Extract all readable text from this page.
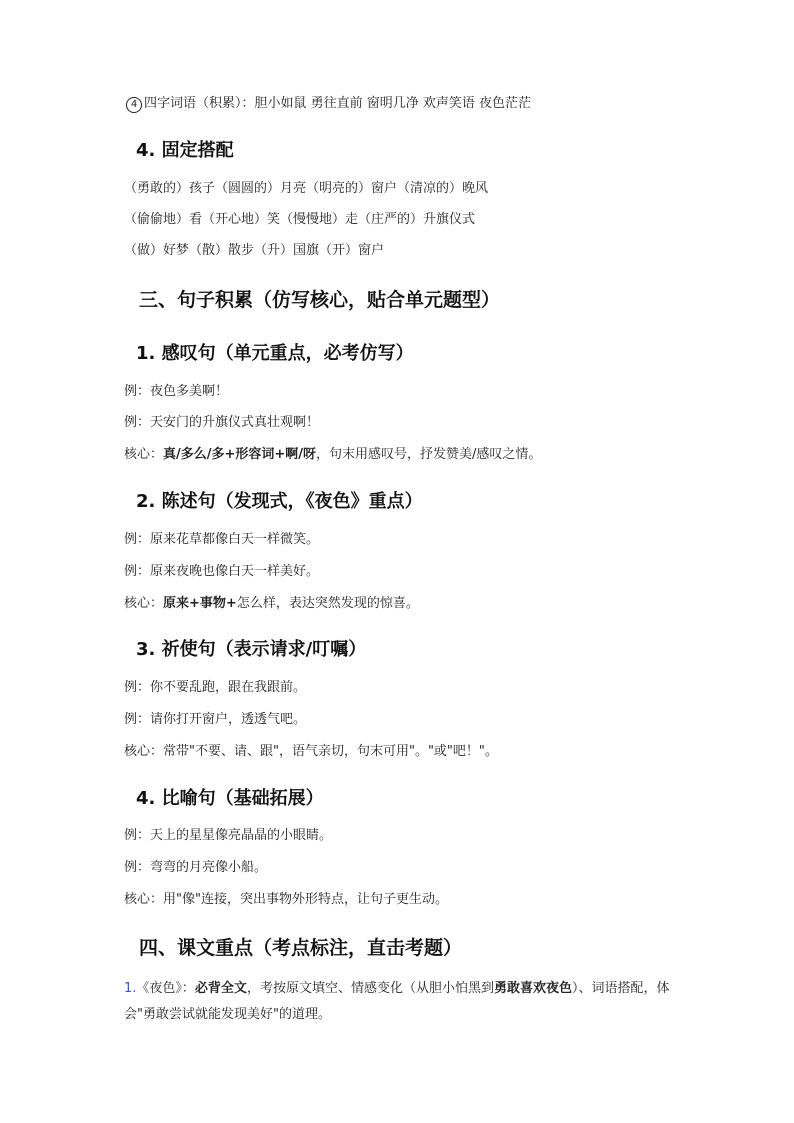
4 四字词语（积累）：胆小如鼠 勇往直前 窗明几净 欢声笑语 夜色茫茫
4. 固定搭配
（勇敢的）孩子（圆圆的）月亮（明亮的）窗户（清凉的）晚风
（偷偷地）看（开心地）笑（慢慢地）走（庄严的）升旗仪式
（做）好梦（散）散步（升）国旗（开）窗户
三、句子积累（仿写核心，贴合单元题型）
1. 感叹句（单元重点，必考仿写）
例：夜色多美啊！
例：天安门的升旗仪式真壮观啊！
核心：真/多么/多+形容词+啊/呀，句末用感叹号，抒发赞美/感叹之情。
2. 陈述句（发现式，《夜色》重点）
例：原来花草都像白天一样微笑。
例：原来夜晚也像白天一样美好。
核心：原来+事物+怎么样，表达突然发现的惊喜。
3. 祈使句（表示请求/叮嘱）
例：你不要乱跑，跟在我跟前。
例：请你打开窗户，透透气吧。
核心：常带"不要、请、跟"，语气亲切，句末可用"。"或"吧！"。
4. 比喻句（基础拓展）
例：天上的星星像亮晶晶的小眼睛。
例：弯弯的月亮像小船。
核心：用"像"连接，突出事物外形特点，让句子更生动。
四、课文重点（考点标注，直击考题）
1.《夜色》：必背全文，考按原文填空、情感变化（从胆小怕黑到勇敢喜欢夜色）、词语搭配，体会"勇敢尝试就能发现美好"的道理。
